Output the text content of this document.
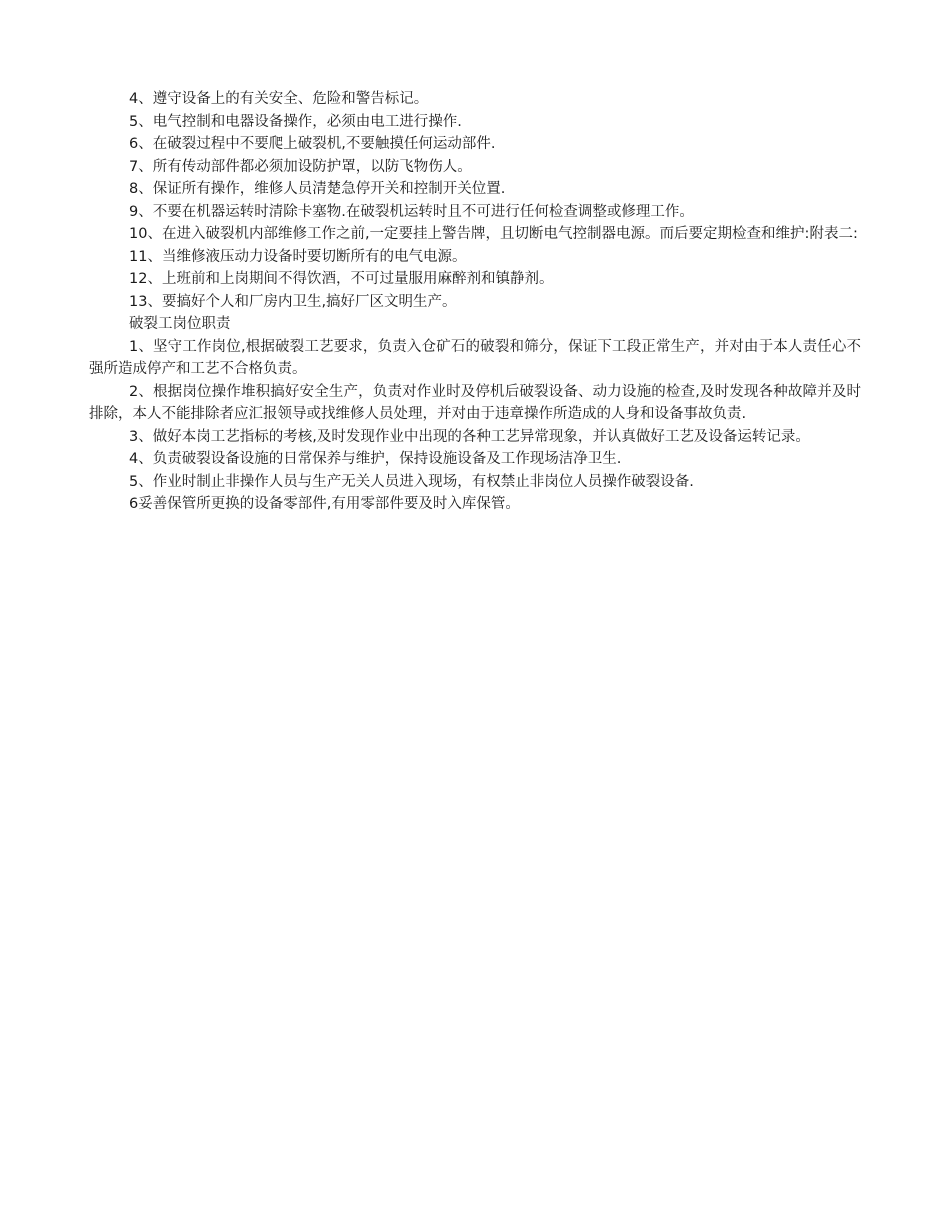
4、遵守设备上的有关安全、危险和警告标记。

5、电气控制和电器设备操作，必须由电工进行操作.

6、在破裂过程中不要爬上破裂机,不要触摸任何运动部件.

7、所有传动部件都必须加设防护罩，以防飞物伤人。

8、保证所有操作，维修人员清楚急停开关和控制开关位置.

9、不要在机器运转时清除卡塞物.在破裂机运转时且不可进行任何检查调整或修理工作。

10、在进入破裂机内部维修工作之前,一定要挂上警告牌，且切断电气控制器电源。而后要定期检查和维护:附表二:

11、当维修液压动力设备时要切断所有的电气电源。

12、上班前和上岗期间不得饮酒，不可过量服用麻醉剂和镇静剂。

13、要搞好个人和厂房内卫生,搞好厂区文明生产。

破裂工岗位职责

1、坚守工作岗位,根据破裂工艺要求，负责入仓矿石的破裂和筛分，保证下工段正常生产，并对由于本人责任心不强所造成停产和工艺不合格负责。

2、根据岗位操作堆积搞好安全生产，负责对作业时及停机后破裂设备、动力设施的检查,及时发现各种故障并及时排除，本人不能排除者应汇报领导或找维修人员处理，并对由于违章操作所造成的人身和设备事故负责.

3、做好本岗工艺指标的考核,及时发现作业中出现的各种工艺异常现象，并认真做好工艺及设备运转记录。

4、负责破裂设备设施的日常保养与维护，保持设施设备及工作现场洁净卫生.

5、作业时制止非操作人员与生产无关人员进入现场，有权禁止非岗位人员操作破裂设备.

6妥善保管所更换的设备零部件,有用零部件要及时入库保管。
